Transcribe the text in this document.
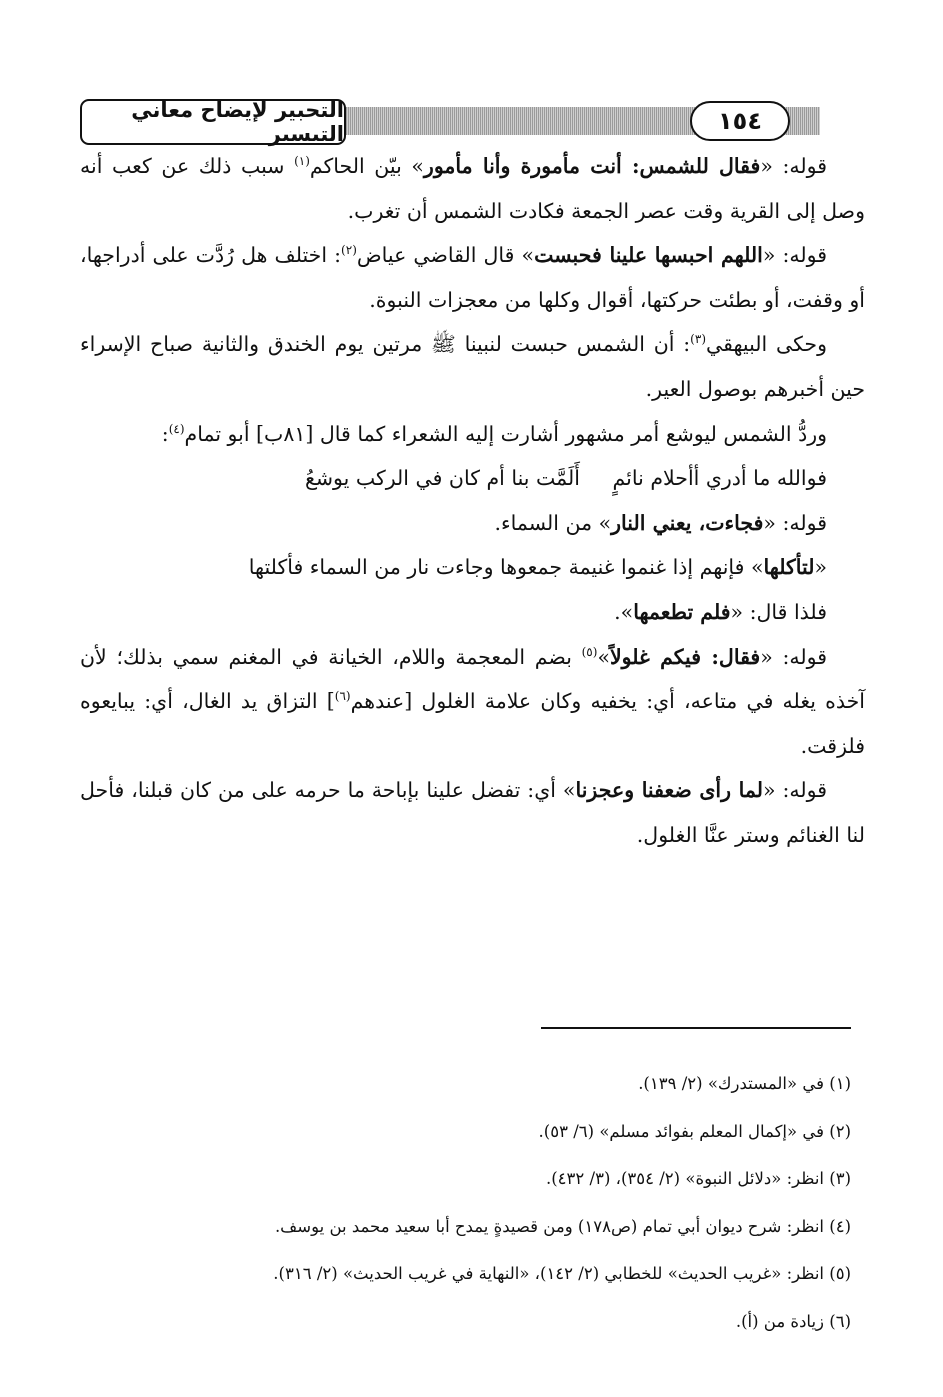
التحبير لإيضاح معاني التيسير	١٥٤

قوله: «فقال للشمس: أنت مأمورة وأنا مأمور» بيّن الحاكم$^{(١)}$ سبب ذلك عن كعب أنه وصل إلى القرية وقت عصر الجمعة فكادت الشمس أن تغرب.

قوله: «اللهم احبسها علينا فحبست» قال القاضي عياض$^{(٢)}$: اختلف هل رُدَّت على أدراجها، أو وقفت، أو بطئت حركتها، أقوال وكلها من معجزات النبوة.

وحكى البيهقي$^{(٣)}$: أن الشمس حبست لنبينا ﷺ مرتين يوم الخندق والثانية صباح الإسراء حين أخبرهم بوصول العير.

وردُّ الشمس ليوشع أمر مشهور أشارت إليه الشعراء كما قال [٨١ب] أبو تمام$^{(٤)}$:

فوالله ما أدري أأحلام نائمٍ     أَلَمَّت بنا أم كان في الركب يوشعُ

قوله: «فجاءت، يعني النار» من السماء.

«لتأكلها» فإنهم إذا غنموا غنيمة جمعوها وجاءت نار من السماء فأكلتها

فلذا قال: «فلم تطعمها».

قوله: «فقال: فيكم غلولاً»$^{(٥)}$ بضم المعجمة واللام، الخيانة في المغنم سمي بذلك؛ لأن آخذه يغله في متاعه، أي: يخفيه وكان علامة الغلول [عندهم$^{(٦)}$] التزاق يد الغال، أي: يبايعوه فلزقت.

قوله: «لما رأى ضعفنا وعجزنا» أي: تفضل علينا بإباحة ما حرمه على من كان قبلنا، فأحل لنا الغنائم وستر عنَّا الغلول.

(١) في «المستدرك» (٢/ ١٣٩).

(٢) في «إكمال المعلم بفوائد مسلم» (٦/ ٥٣).

(٣) انظر: «دلائل النبوة» (٢/ ٣٥٤)، (٣/ ٤٣٢).

(٤) انظر: شرح ديوان أبي تمام (ص١٧٨) ومن قصيدةٍ يمدح أبا سعيد محمد بن يوسف.

(٥) انظر: «غريب الحديث» للخطابي (٢/ ١٤٢)، «النهاية في غريب الحديث» (٢/ ٣١٦).

(٦) زيادة من (أ).
